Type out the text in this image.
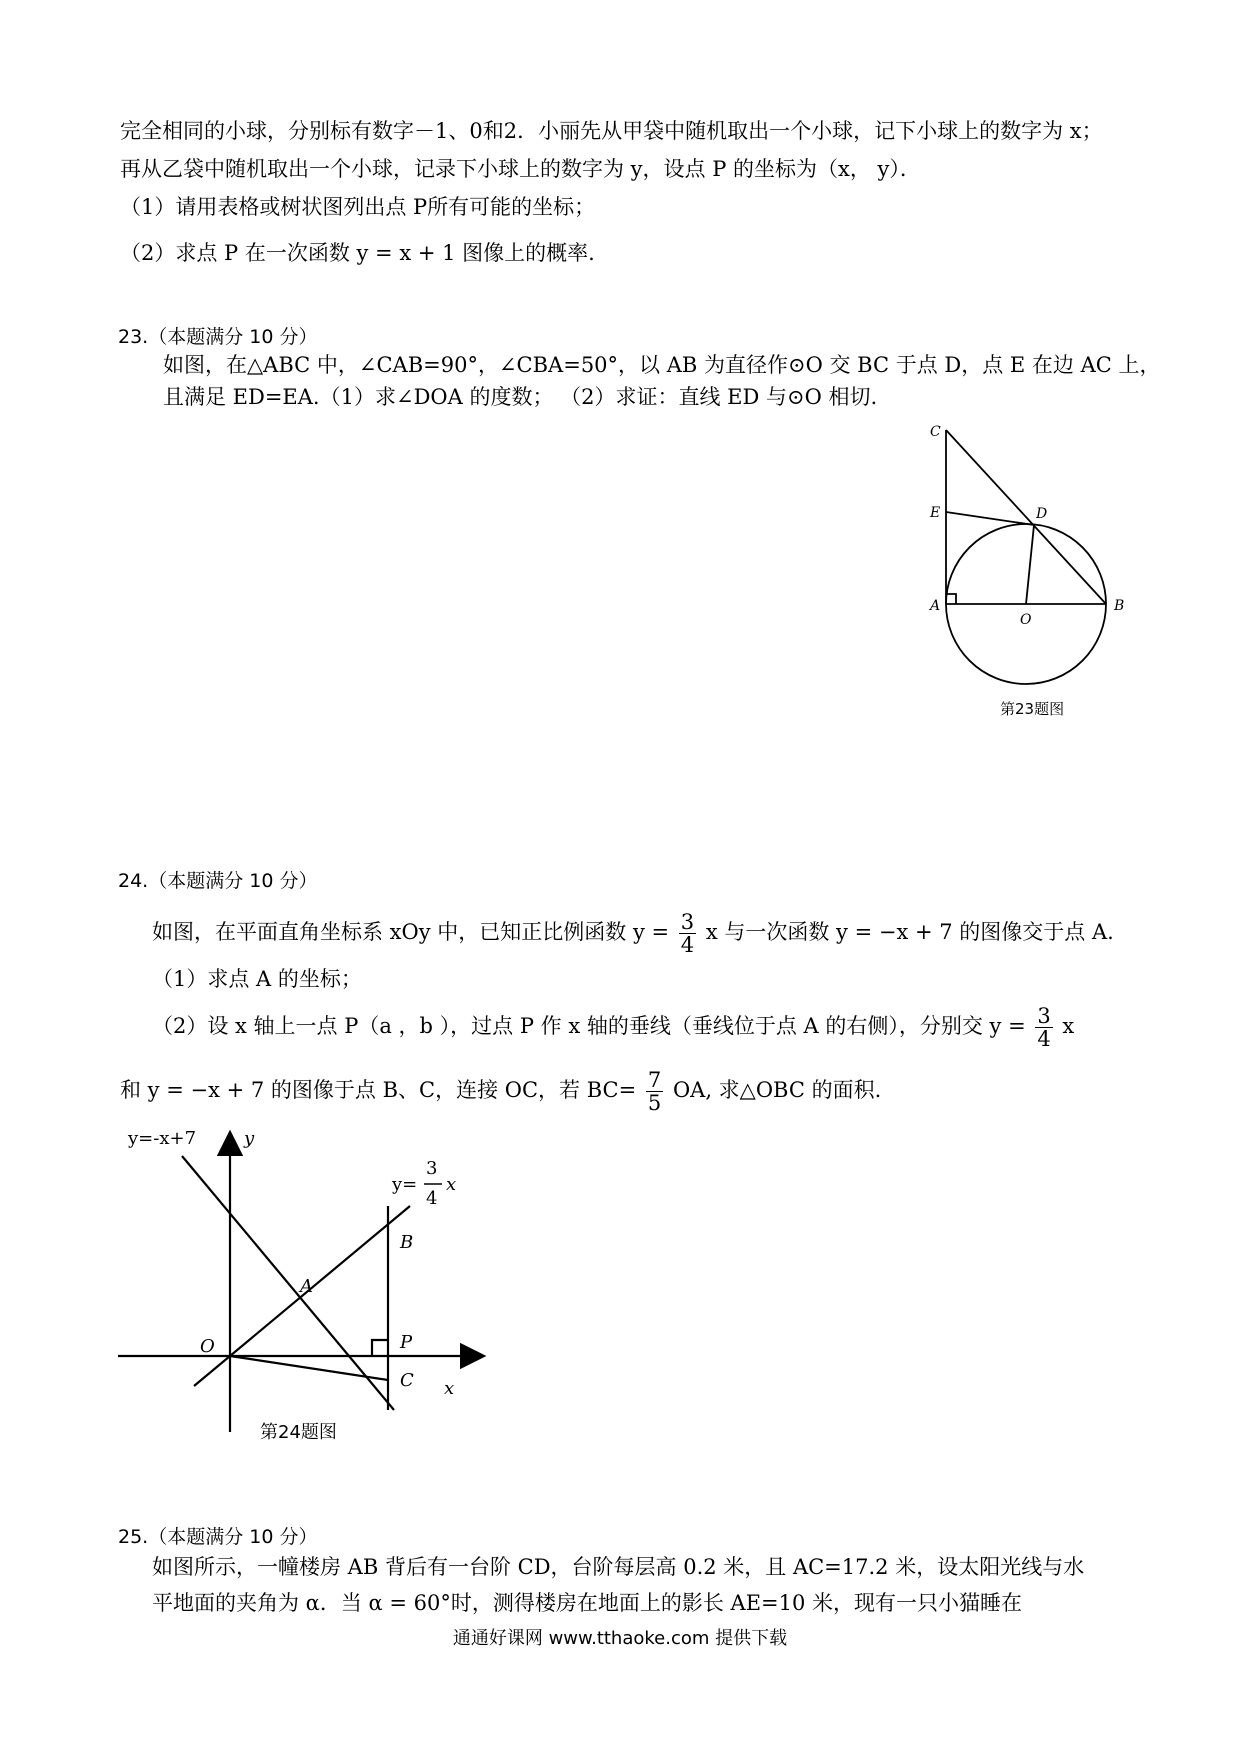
完全相同的小球，分别标有数字－1、0和2．小丽先从甲袋中随机取出一个小球，记下小球上的数字为 x；
再从乙袋中随机取出一个小球，记录下小球上的数字为 y，设点 P 的坐标为（x， y）．
（1）请用表格或树状图列出点 P所有可能的坐标；
（2）求点 P 在一次函数 y = x + 1 图像上的概率.
23.（本题满分 10 分）
如图，在△ABC 中，∠CAB=90°，∠CBA=50°，以 AB 为直径作⊙O 交 BC 于点 D，点 E 在边 AC 上，
且满足 ED=EA.（1）求∠DOA 的度数； （2）求证：直线 ED 与⊙O 相切.
C
E	D
A
O
B
第23题图
24.（本题满分 10 分）
如图，在平面直角坐标系 xOy 中，已知正比例函数 $y = \frac{3}{4}$ x 与一次函数 y = −x + 7 的图像交于点 A.
（1）求点 A 的坐标；
（2）设 x 轴上一点 P（a ，b ），过点 P 作 x 轴的垂线（垂线位于点 A 的右侧），分别交 $y = \frac{3}{4}$ x
和 y = −x + 7 的图像于点 B、C，连接 OC，若 $BC= \frac{7}{5}$ OA, 求△OBC 的面积.
y
x
y=-x+7
y=
3
4
x
O
A
B
P
C
第24题图
25.（本题满分 10 分）
如图所示，一幢楼房 AB 背后有一台阶 CD，台阶每层高 0.2 米，且 AC=17.2 米，设太阳光线与水
平地面的夹角为 α．当 α = 60°时，测得楼房在地面上的影长 AE=10 米，现有一只小猫睡在
通通好课网 www.tthaoke.com 提供下载
